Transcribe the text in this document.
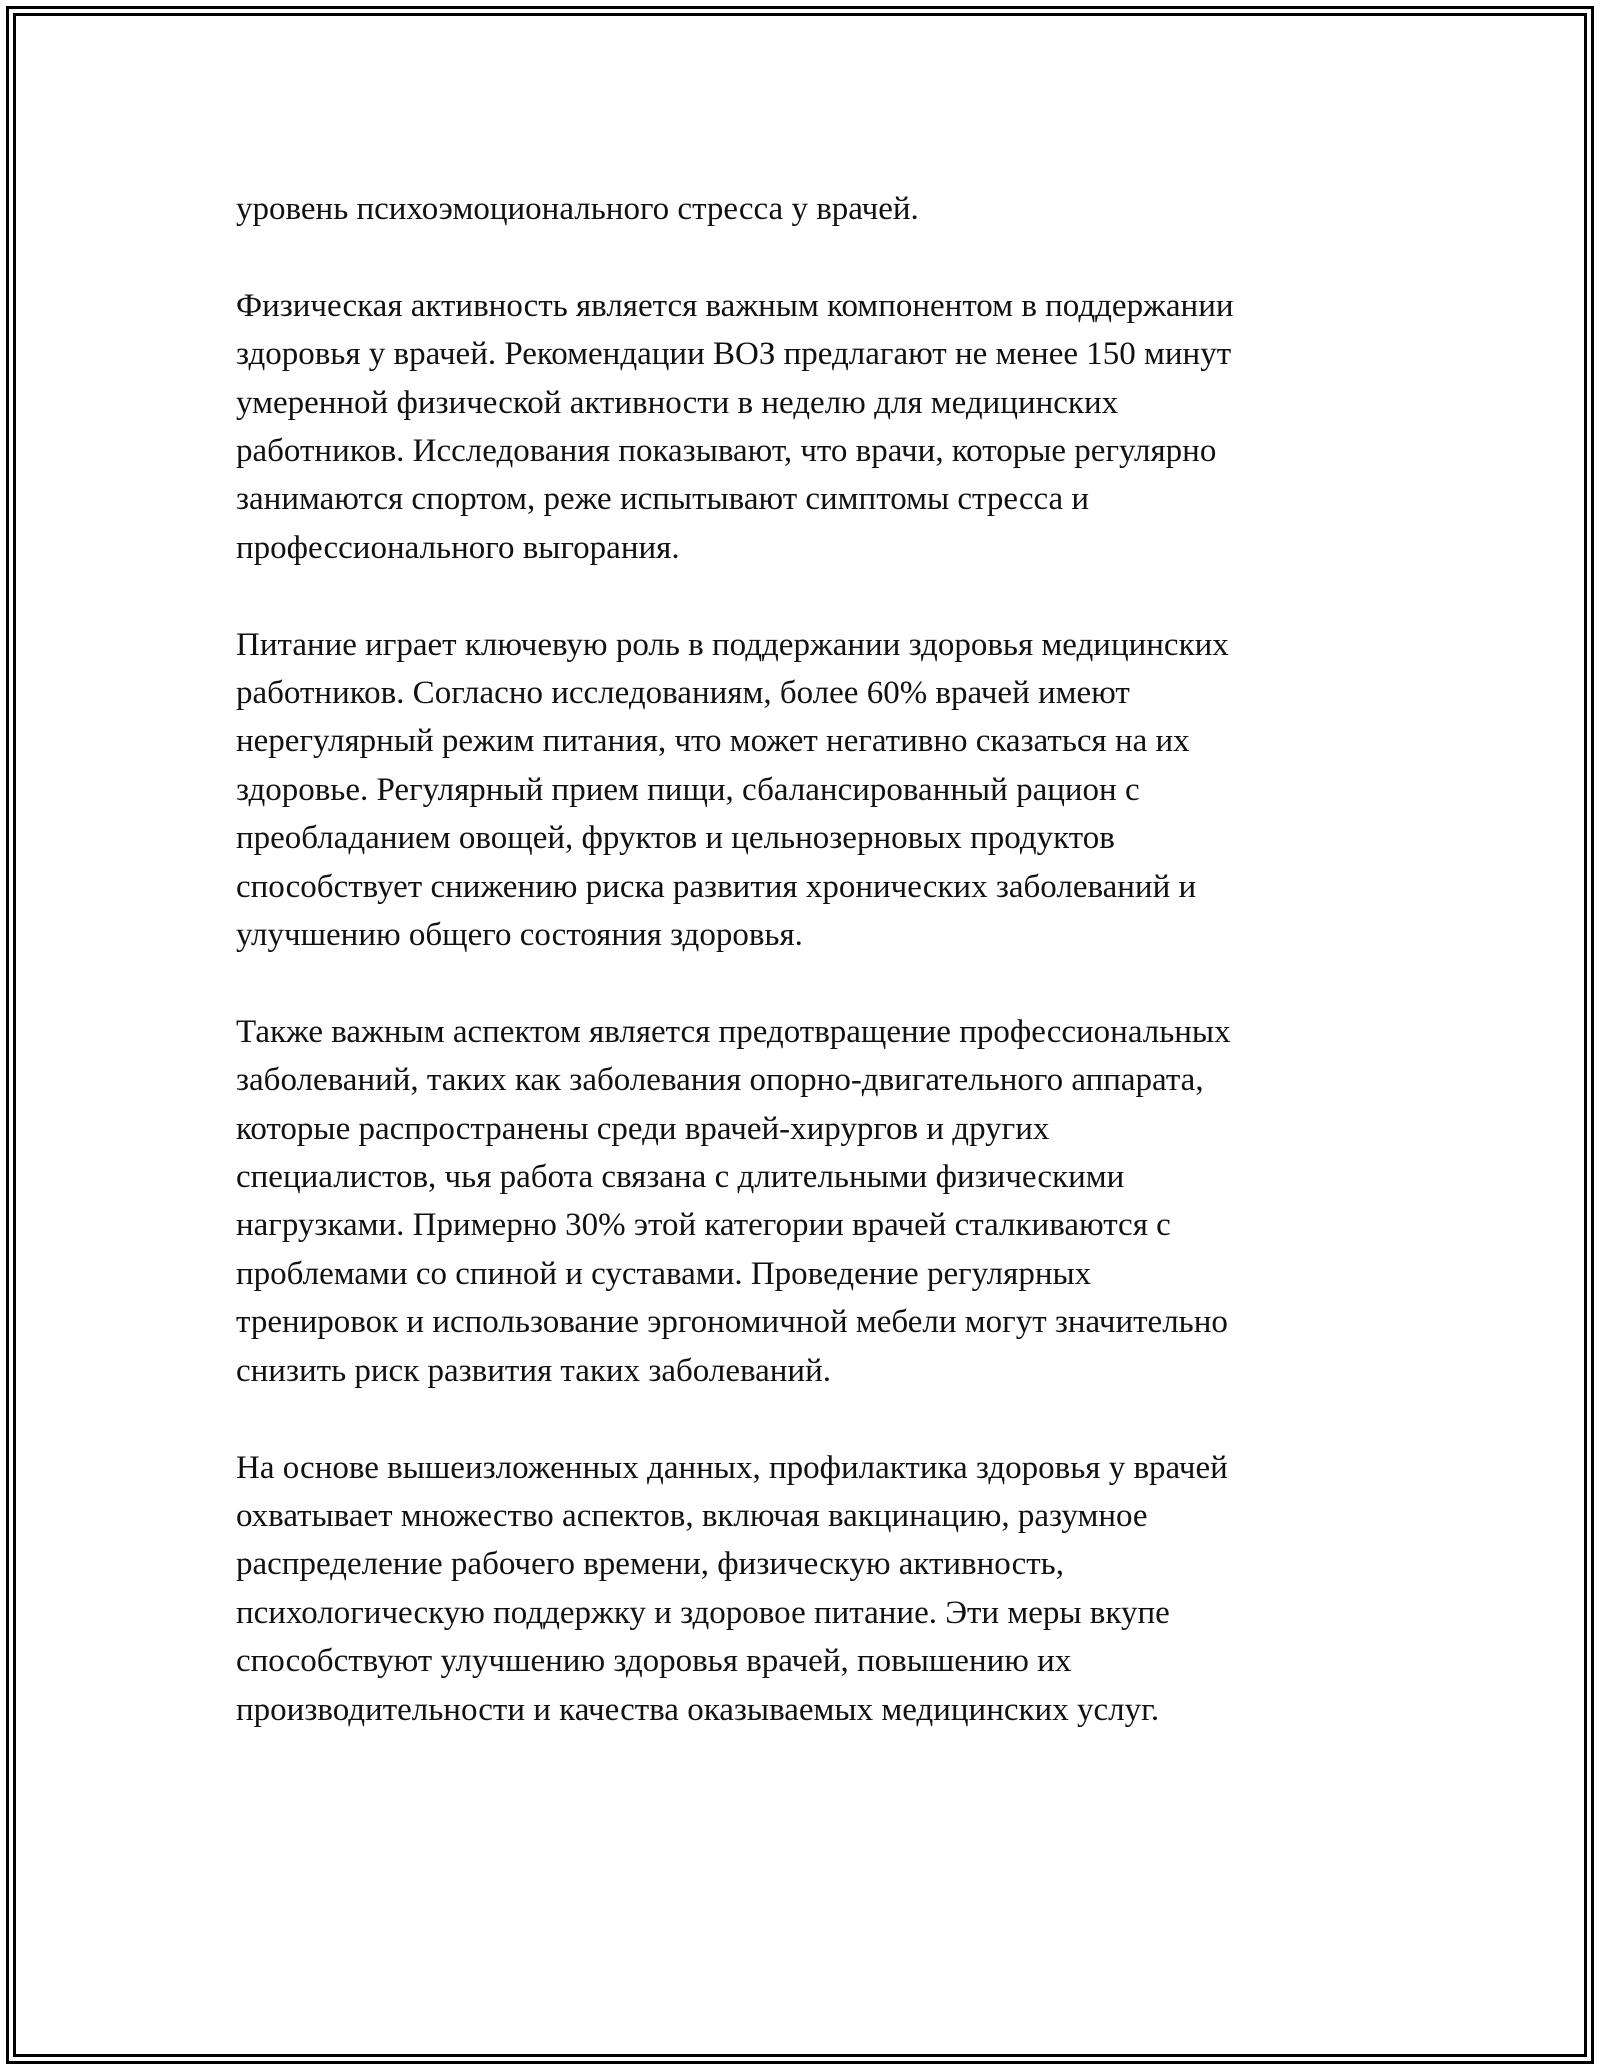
уровень психоэмоционального стресса у врачей.

Физическая активность является важным компонентом в поддержании
здоровья у врачей. Рекомендации ВОЗ предлагают не менее 150 минут
умеренной физической активности в неделю для медицинских
работников. Исследования показывают, что врачи, которые регулярно
занимаются спортом, реже испытывают симптомы стресса и
профессионального выгорания.

Питание играет ключевую роль в поддержании здоровья медицинских
работников. Согласно исследованиям, более 60% врачей имеют
нерегулярный режим питания, что может негативно сказаться на их
здоровье. Регулярный прием пищи, сбалансированный рацион с
преобладанием овощей, фруктов и цельнозерновых продуктов
способствует снижению риска развития хронических заболеваний и
улучшению общего состояния здоровья.

Также важным аспектом является предотвращение профессиональных
заболеваний, таких как заболевания опорно-двигательного аппарата,
которые распространены среди врачей-хирургов и других
специалистов, чья работа связана с длительными физическими
нагрузками. Примерно 30% этой категории врачей сталкиваются с
проблемами со спиной и суставами. Проведение регулярных
тренировок и использование эргономичной мебели могут значительно
снизить риск развития таких заболеваний.

На основе вышеизложенных данных, профилактика здоровья у врачей
охватывает множество аспектов, включая вакцинацию, разумное
распределение рабочего времени, физическую активность,
психологическую поддержку и здоровое питание. Эти меры вкупе
способствуют улучшению здоровья врачей, повышению их
производительности и качества оказываемых медицинских услуг.
